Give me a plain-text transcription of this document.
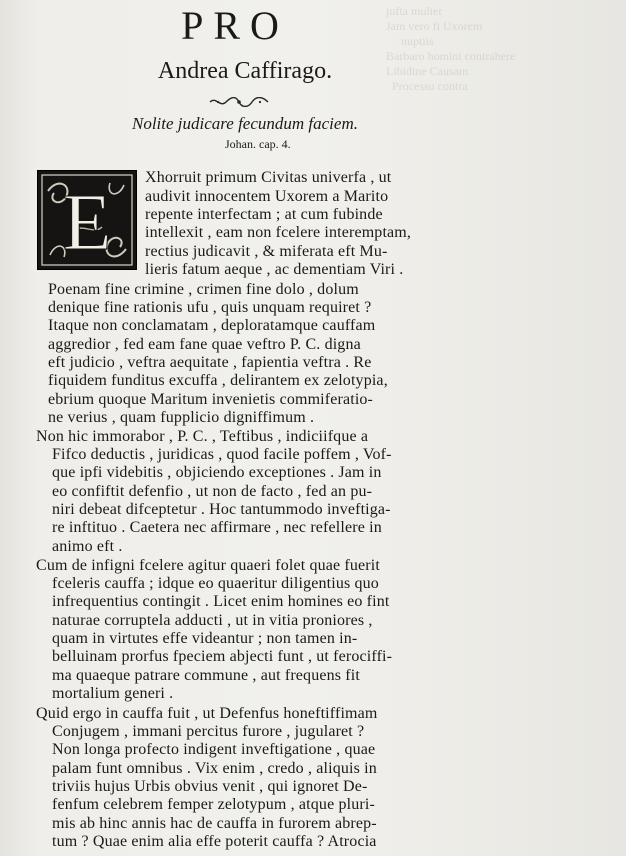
jufta mulier
Jam vero fi Uxorem
nuptiis
Barbaro homini contrahere
Libidine Causam
Processu contra

PRO
Andrea Caffirago.
Nolite judicare fecundum faciem.
Johan. cap. 4.
E
Xhorruit primum Civitas univerfa , ut
audivit innocentem Uxorem a Marito
repente interfectam ; at cum fubinde
intellexit , eam non fcelere interemptam,
rectius judicavit , & miferata eft Mu-
lieris fatum aeque , ac dementiam Viri .
Poenam fine crimine , crimen fine dolo , dolum
denique fine rationis ufu , quis unquam requiret ?
Itaque non conclamatam , deploratamque cauffam
aggredior , fed eam fane quae veftro P. C. digna
eft judicio , veftra aequitate , fapientia veftra . Re
fiquidem funditus excuffa , delirantem ex zelotypia,
ebrium quoque Maritum invenietis commiferatio-
ne verius , quam fupplicio digniffimum .
Non hic immorabor , P. C. , Teftibus , indiciifque a
Fifco deductis , juridicas , quod facile poffem , Vof-
que ipfi videbitis , objiciendo exceptiones . Jam in
eo confiftit defenfio , ut non de facto , fed an pu-
niri debeat difceptetur . Hoc tantummodo inveftiga-
re inftituo . Caetera nec affirmare , nec refellere in
animo eft .
Cum de infigni fcelere agitur quaeri folet quae fuerit
fceleris cauffa ; idque eo quaeritur diligentius quo
infrequentius contingit . Licet enim homines eo fint
naturae corruptela adducti , ut in vitia proniores ,
quam in virtutes effe videantur ; non tamen in-
belluinam prorfus fpeciem abjecti funt , ut ferociffi-
ma quaeque patrare commune , aut frequens fit
mortalium generi .
Quid ergo in cauffa fuit , ut Defenfus honeftiffimam
Conjugem , immani percitus furore , jugularet ?
Non longa profecto indigent inveftigatione , quae
palam funt omnibus . Vix enim , credo , aliquis in
triviis hujus Urbis obvius venit , qui ignoret De-
fenfum celebrem femper zelotypum , atque pluri-
mis ab hinc annis hac de cauffa in furorem abrep-
tum ? Quae enim alia effe poterit cauffa ? Atrocia
